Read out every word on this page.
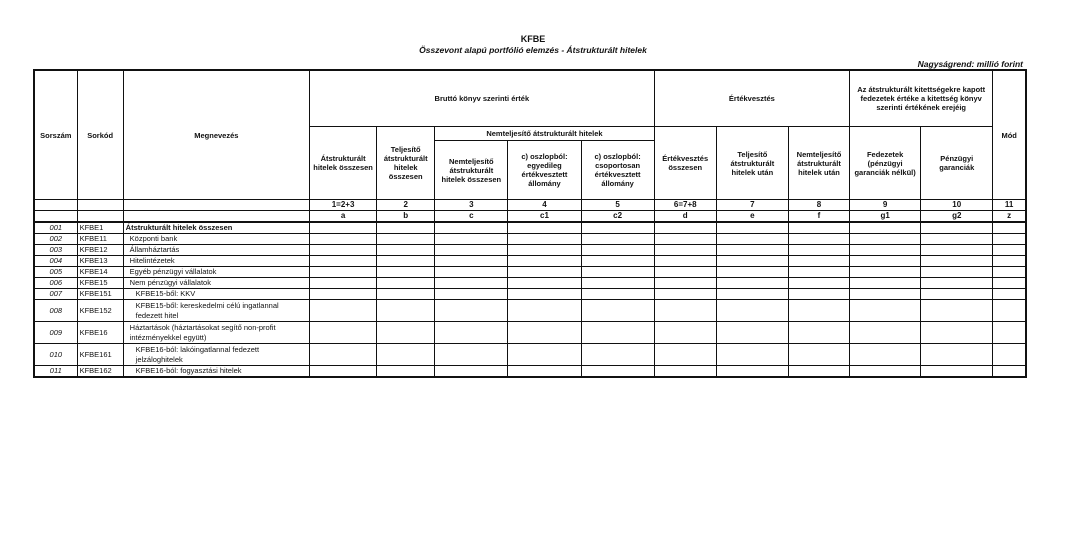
KFBE
Összevont alapú portfólió elemzés - Átstrukturált hitelek
Nagyságrend: millió forint
Sorszám	Sorkód	Megnevezés	Bruttó könyv szerinti érték					Értékvesztés			Az átstrukturált kitettségekre kapott fedezetek értéke a kitettség könyv szerinti értékének erejéig		Mód
			Átstrukturált hitelek összesen	Teljesítő átstrukturált hitelek összesen	Nemteljesítő átstrukturált hitelek			Értékvesztés összesen	Teljesítő átstrukturált hitelek után	Nemteljesítő átstrukturált hitelek után	Fedezetek (pénzügyi garanciák nélkül)	Pénzügyi garanciák	
					Nemteljesítő átstrukturált hitelek összesen	c) oszlopból: egyedileg értékvesztett állomány	c) oszlopból: csoportosan értékvesztett állomány						
			1=2+3	2	3	4	5	6=7+8	7	8	9	10	11
			a	b	c	c1	c2	d	e	f	g1	g2	z
001	KFBE1	Átstrukturált hitelek összesen											
002	KFBE11	Központi bank											
003	KFBE12	Államháztartás											
004	KFBE13	Hitelintézetek											
005	KFBE14	Egyéb pénzügyi vállalatok											
006	KFBE15	Nem pénzügyi vállalatok											
007	KFBE151	KFBE15-ből: KKV											
008	KFBE152	KFBE15-ből: kereskedelmi célú ingatlannal fedezett hitel											
009	KFBE16	Háztartások (háztartásokat segítő non-profit intézményekkel együtt)											
010	KFBE161	KFBE16-ból: lakóingatlannal fedezett jelzáloghitelek											
011	KFBE162	KFBE16-ból: fogyasztási hitelek											
